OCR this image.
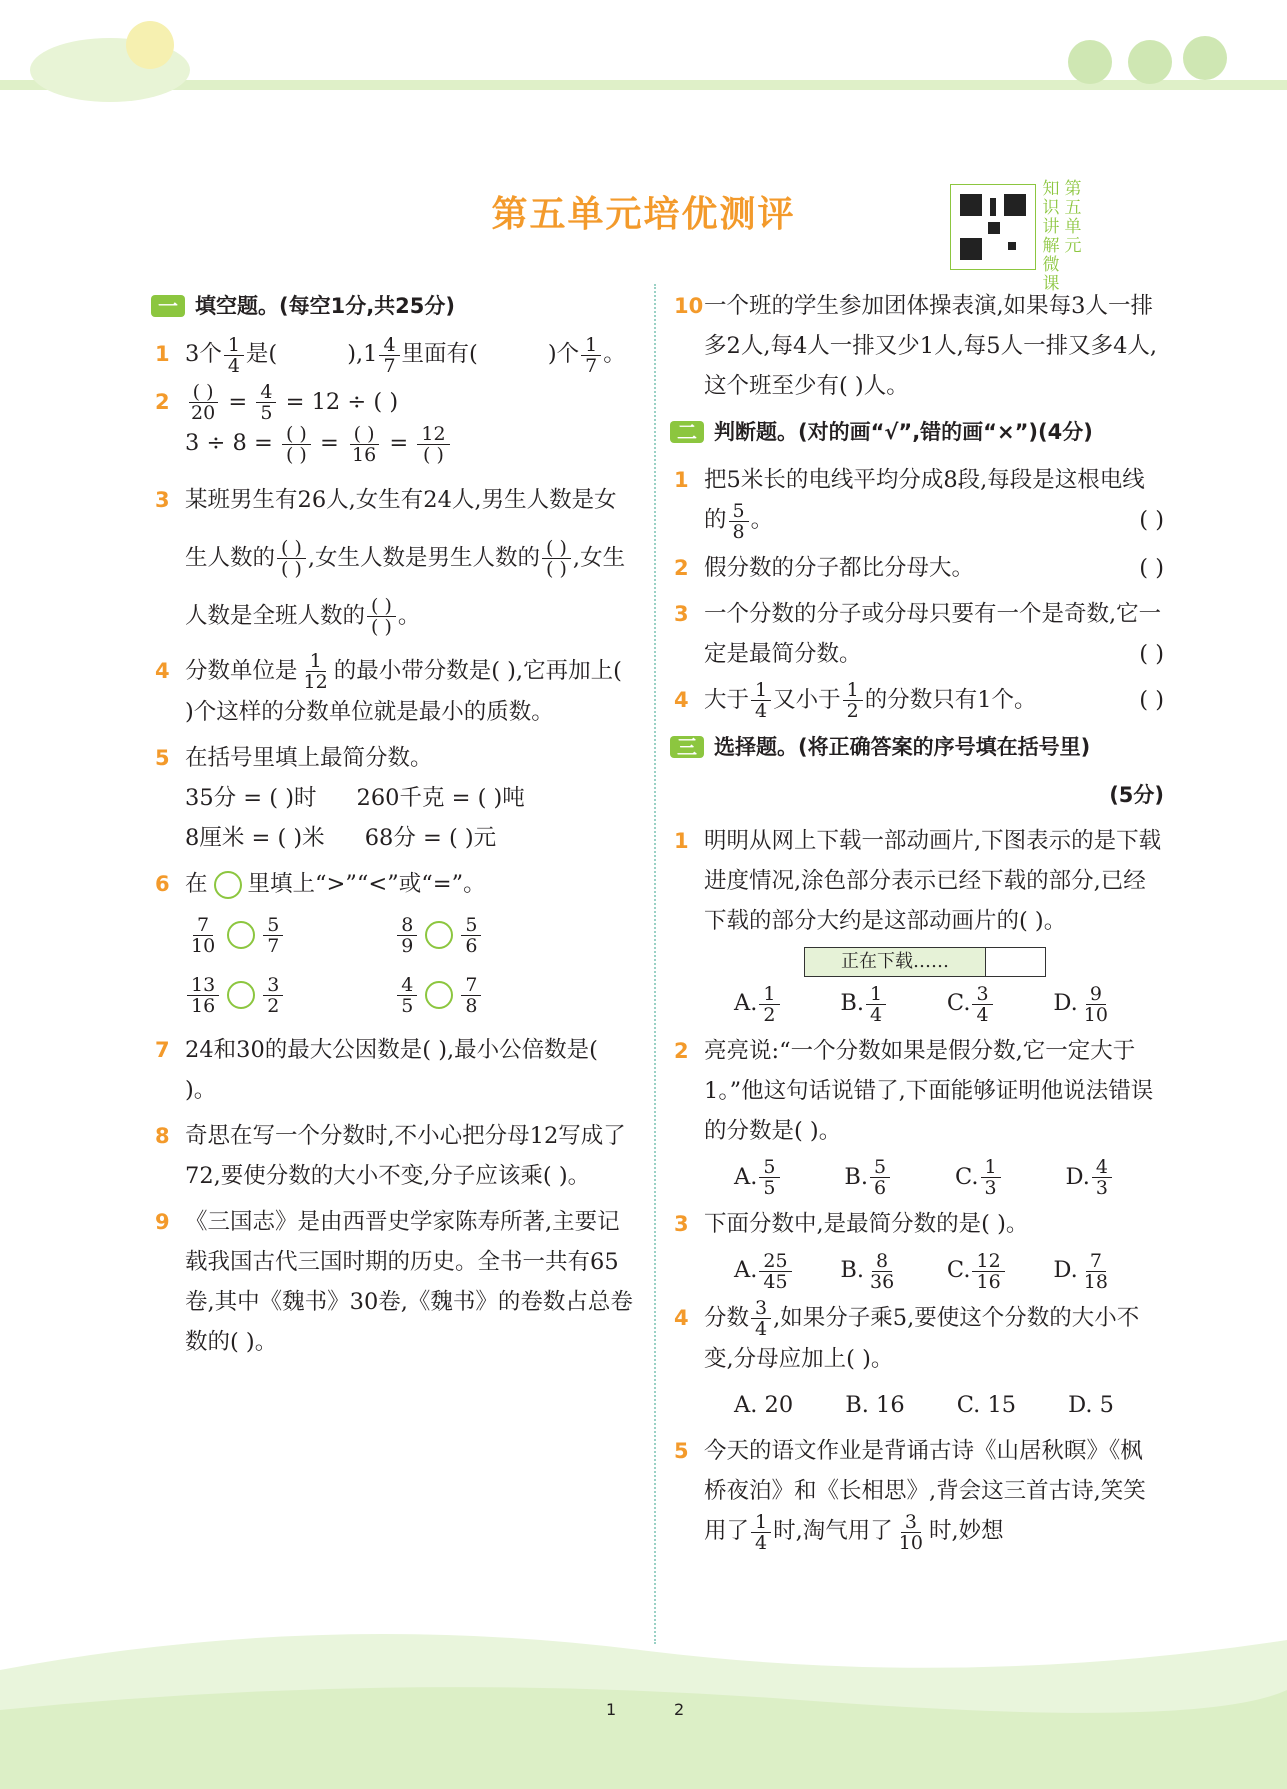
第五单元培优测评
知识讲解微课
第五单元
一 填空题。(每空1分,共25分)
1 3个 $\frac{1}{4}$ 是(	)$,1 \frac{4}{7}$ 里面有(	)个 $\frac{1}{7}$ 。
$2 \frac{( )}{20} = \frac{4}{5} = 12$ ÷ ( )
$3 \div 8 = \frac{( )}{( )} = \frac{( )}{16} = \frac{12}{( )}$
3 某班男生有26人,女生有24人,男生人数是女生人数的 $\frac{( )}{( )}$ ,女生人数是男生人数的 $\frac{( )}{( )}$ ,女生人数是全班人数的 $\frac{( )}{( )}$ 。
4 分数单位是 $\frac{1}{12}$ 的最小带分数是( ),它再加上( )个这样的分数单位就是最小的质数。
5 在括号里填上最简分数。
35分 = ( )时 260千克 = ( )吨
8厘米 = ( )米 68分 = ( )元
6 在 里填上“>”“<”或“=”。
$\frac{7}{10} \frac{5}{7}$	$\frac{8}{9} \frac{5}{6}$
$\frac{13}{16} \frac{3}{2}$	$\frac{4}{5} \frac{7}{8}$
7 24和30的最大公因数是( ),最小公倍数是( )。
8 奇思在写一个分数时,不小心把分母12写成了72,要使分数的大小不变,分子应该乘( )。
9 《三国志》是由西晋史学家陈寿所著,主要记载我国古代三国时期的历史。全书一共有65卷,其中《魏书》30卷,《魏书》的卷数占总卷数的( )。
10 一个班的学生参加团体操表演,如果每3人一排多2人,每4人一排又少1人,每5人一排又多4人,这个班至少有( )人。
二 判断题。(对的画“√”,错的画“×”)(4分)
1 把5米长的电线平均分成8段,每段是这根电线的 $\frac{5}{8}$ 。	( )
2 假分数的分子都比分母大。	( )
3 一个分数的分子或分母只要有一个是奇数,它一定是最简分数。	( )
4 大于 $\frac{1}{4}$ 又小于 $\frac{1}{2}$ 的分数只有1个。	( )
三 选择题。(将正确答案的序号填在括号里)
(5分)
1 明明从网上下载一部动画片,下图表示的是下载进度情况,涂色部分表示已经下载的部分,已经下载的部分大约是这部动画片的( )。
正在下载……
A. $\frac{1}{2}$	B. $\frac{1}{4}$	C. $\frac{3}{4}$	D. $\frac{9}{10}$
2 亮亮说:“一个分数如果是假分数,它一定大于1。”他这句话说错了,下面能够证明他说法错误的分数是( )。
A. $\frac{5}{5}$	B. $\frac{5}{6}$	C. $\frac{1}{3}$	D. $\frac{4}{3}$
3 下面分数中,是最简分数的是( )。
A. $\frac{25}{45} B$. $\frac{8}{36} C$. $\frac{12}{16} D$. $\frac{7}{18}$
4 分数 $\frac{3}{4}$ ,如果分子乘5,要使这个分数的大小不变,分母应加上( )。
A. 20 B. 16 C. 15 D. 5
5 今天的语文作业是背诵古诗《山居秋暝》《枫桥夜泊》和《长相思》,背会这三首古诗,笑笑用了 $\frac{1}{4}$ 时,淘气用了 $\frac{3}{10}$ 时,妙想
1	2
